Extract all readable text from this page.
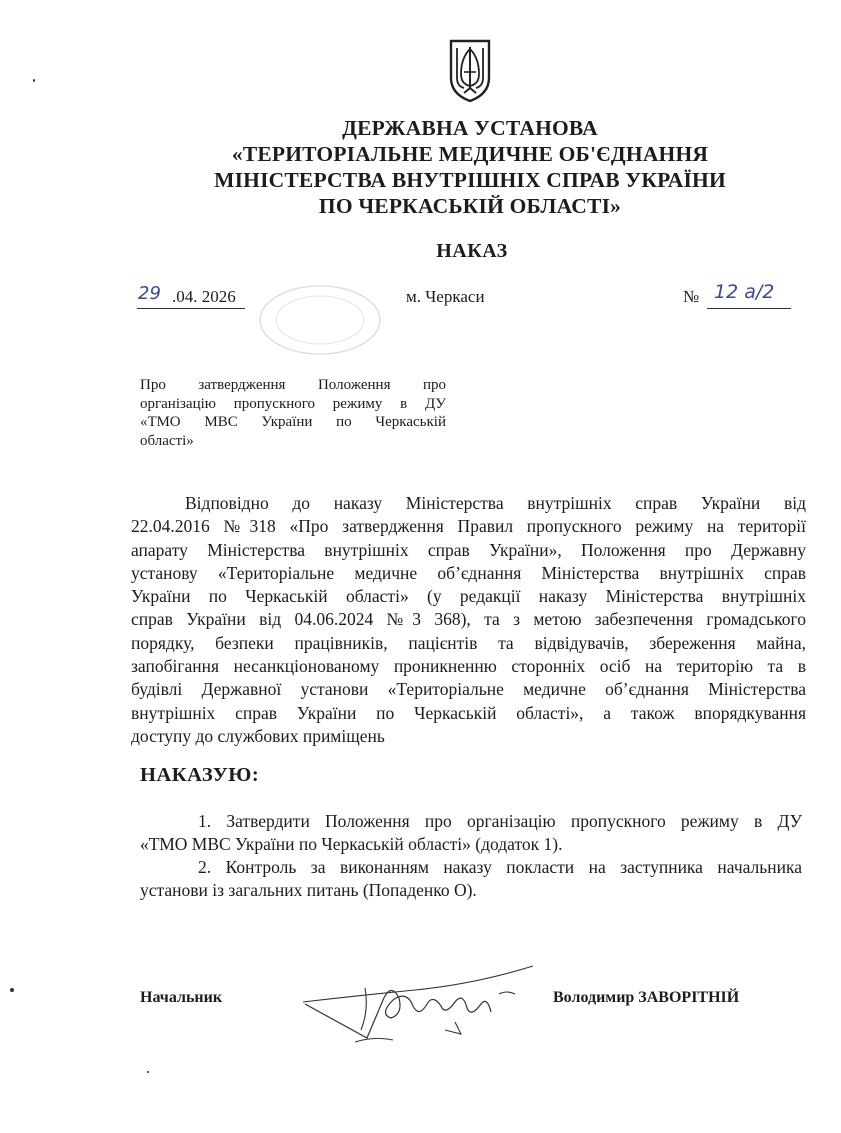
ДЕРЖАВНА УСТАНОВА
«ТЕРИТОРІАЛЬНЕ МЕДИЧНЕ ОБ'ЄДНАННЯ
МІНІСТЕРСТВА ВНУТРІШНІХ СПРАВ УКРАЇНИ
ПО ЧЕРКАСЬКІЙ ОБЛАСТІ»
НАКАЗ
29 .04. 2026	м. Черкаси	№ 12 а/2
Про затвердження Положення про
організацію пропускного режиму в ДУ
«ТМО МВС України по Черкаській
області»
Відповідно до наказу Міністерства внутрішніх справ України від
22.04.2016 №318 «Про затвердження Правил пропускного режиму на території
апарату Міністерства внутрішніх справ України», Положення про Державну
устанoву «Територіальне медичне об’єднання Міністерства внутрішніх справ
України по Черкаській області» (у редакції наказу Міністерства внутрішніх
справ України від 04.06.2024 №3 368), та з метою забезпечення громадського
порядку, безпеки працівників, пацієнтів та відвідувачів, збереження майна,
запобігання несанкціонованому проникненню сторонніх осіб на територію та в
будівлі Державної установи «Територіальне медичне об’єднання Міністерства
внутрішніх справ України по Черкаській області», а також впорядкування
доступу до службових приміщень
НАКАЗУЮ:
1. Затвердити Положення про організацію пропускного режиму в ДУ
«ТМО МВС України по Черкаській області» (додаток 1).
2. Контроль за виконанням наказу покласти на заступника начальника
установи із загальних питань (Попаденко О).
Начальник	Володимир ЗАВОРІТНІЙ
